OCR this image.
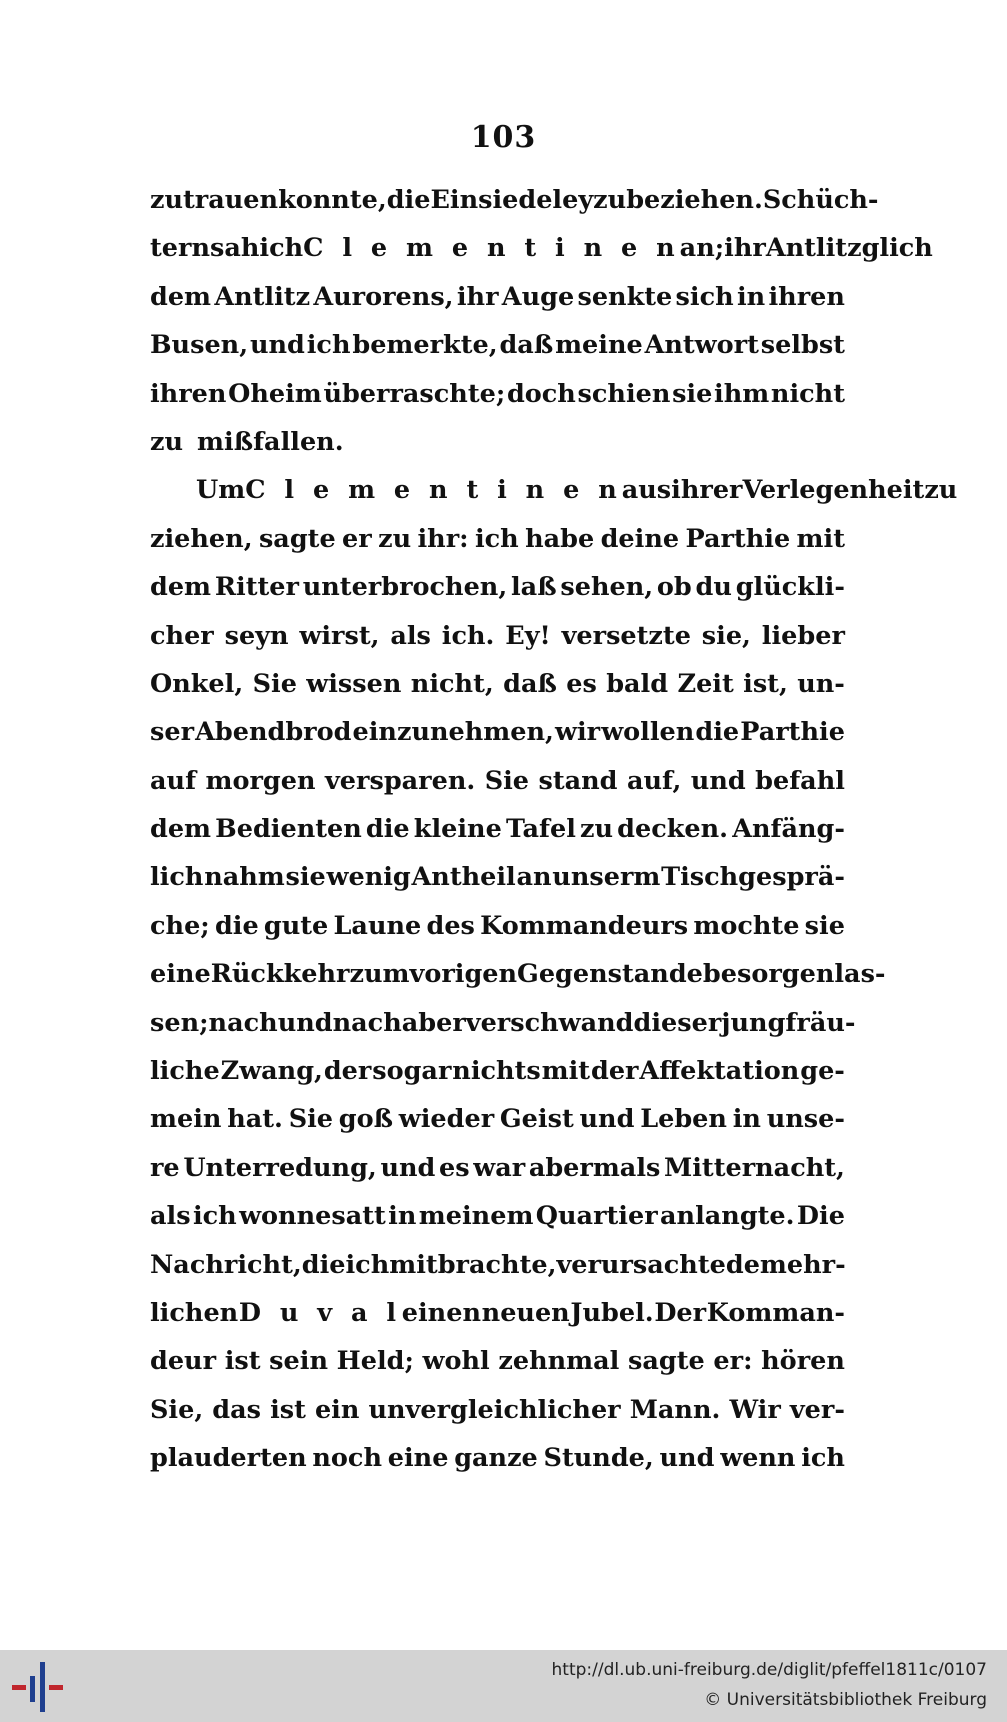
103
zutrauen konnte, die Einsiedeley zu beziehen. Schüch-
tern sah ich C l e m e n t i n e n an; ihr Antlitz glich
dem Antlitz Aurorens, ihr Auge senkte sich in ihren
Busen, und ich bemerkte, daß meine Antwort selbst
ihren Oheim überraschte; doch schien sie ihm nicht
zu mißfallen.
Um C l e m e n t i n e n aus ihrer Verlegenheit zu
ziehen, sagte er zu ihr: ich habe deine Parthie mit
dem Ritter unterbrochen, laß sehen, ob du glückli-
cher seyn wirst, als ich. Ey! versetzte sie, lieber
Onkel, Sie wissen nicht, daß es bald Zeit ist, un-
ser Abendbrod einzunehmen, wir wollen die Parthie
auf morgen versparen. Sie stand auf, und befahl
dem Bedienten die kleine Tafel zu decken. Anfäng-
lich nahm sie wenig Antheil an unserm Tischgesprä-
che; die gute Laune des Kommandeurs mochte sie
eine Rückkehr zum vorigen Gegenstande besorgen las-
sen; nach und nach aber verschwand dieser jungfräu-
liche Zwang, der sogar nichts mit der Affektation ge-
mein hat. Sie goß wieder Geist und Leben in unse-
re Unterredung, und es war abermals Mitternacht,
als ich wonnesatt in meinem Quartier anlangte. Die
Nachricht, die ich mitbrachte, verursachte dem ehr-
lichen D u v a l einen neuen Jubel. Der Komman-
deur ist sein Held; wohl zehnmal sagte er: hören
Sie, das ist ein unvergleichlicher Mann. Wir ver-
plauderten noch eine ganze Stunde, und wenn ich
http://dl.ub.uni-freiburg.de/diglit/pfeffel1811c/0107
© Universitätsbibliothek Freiburg
